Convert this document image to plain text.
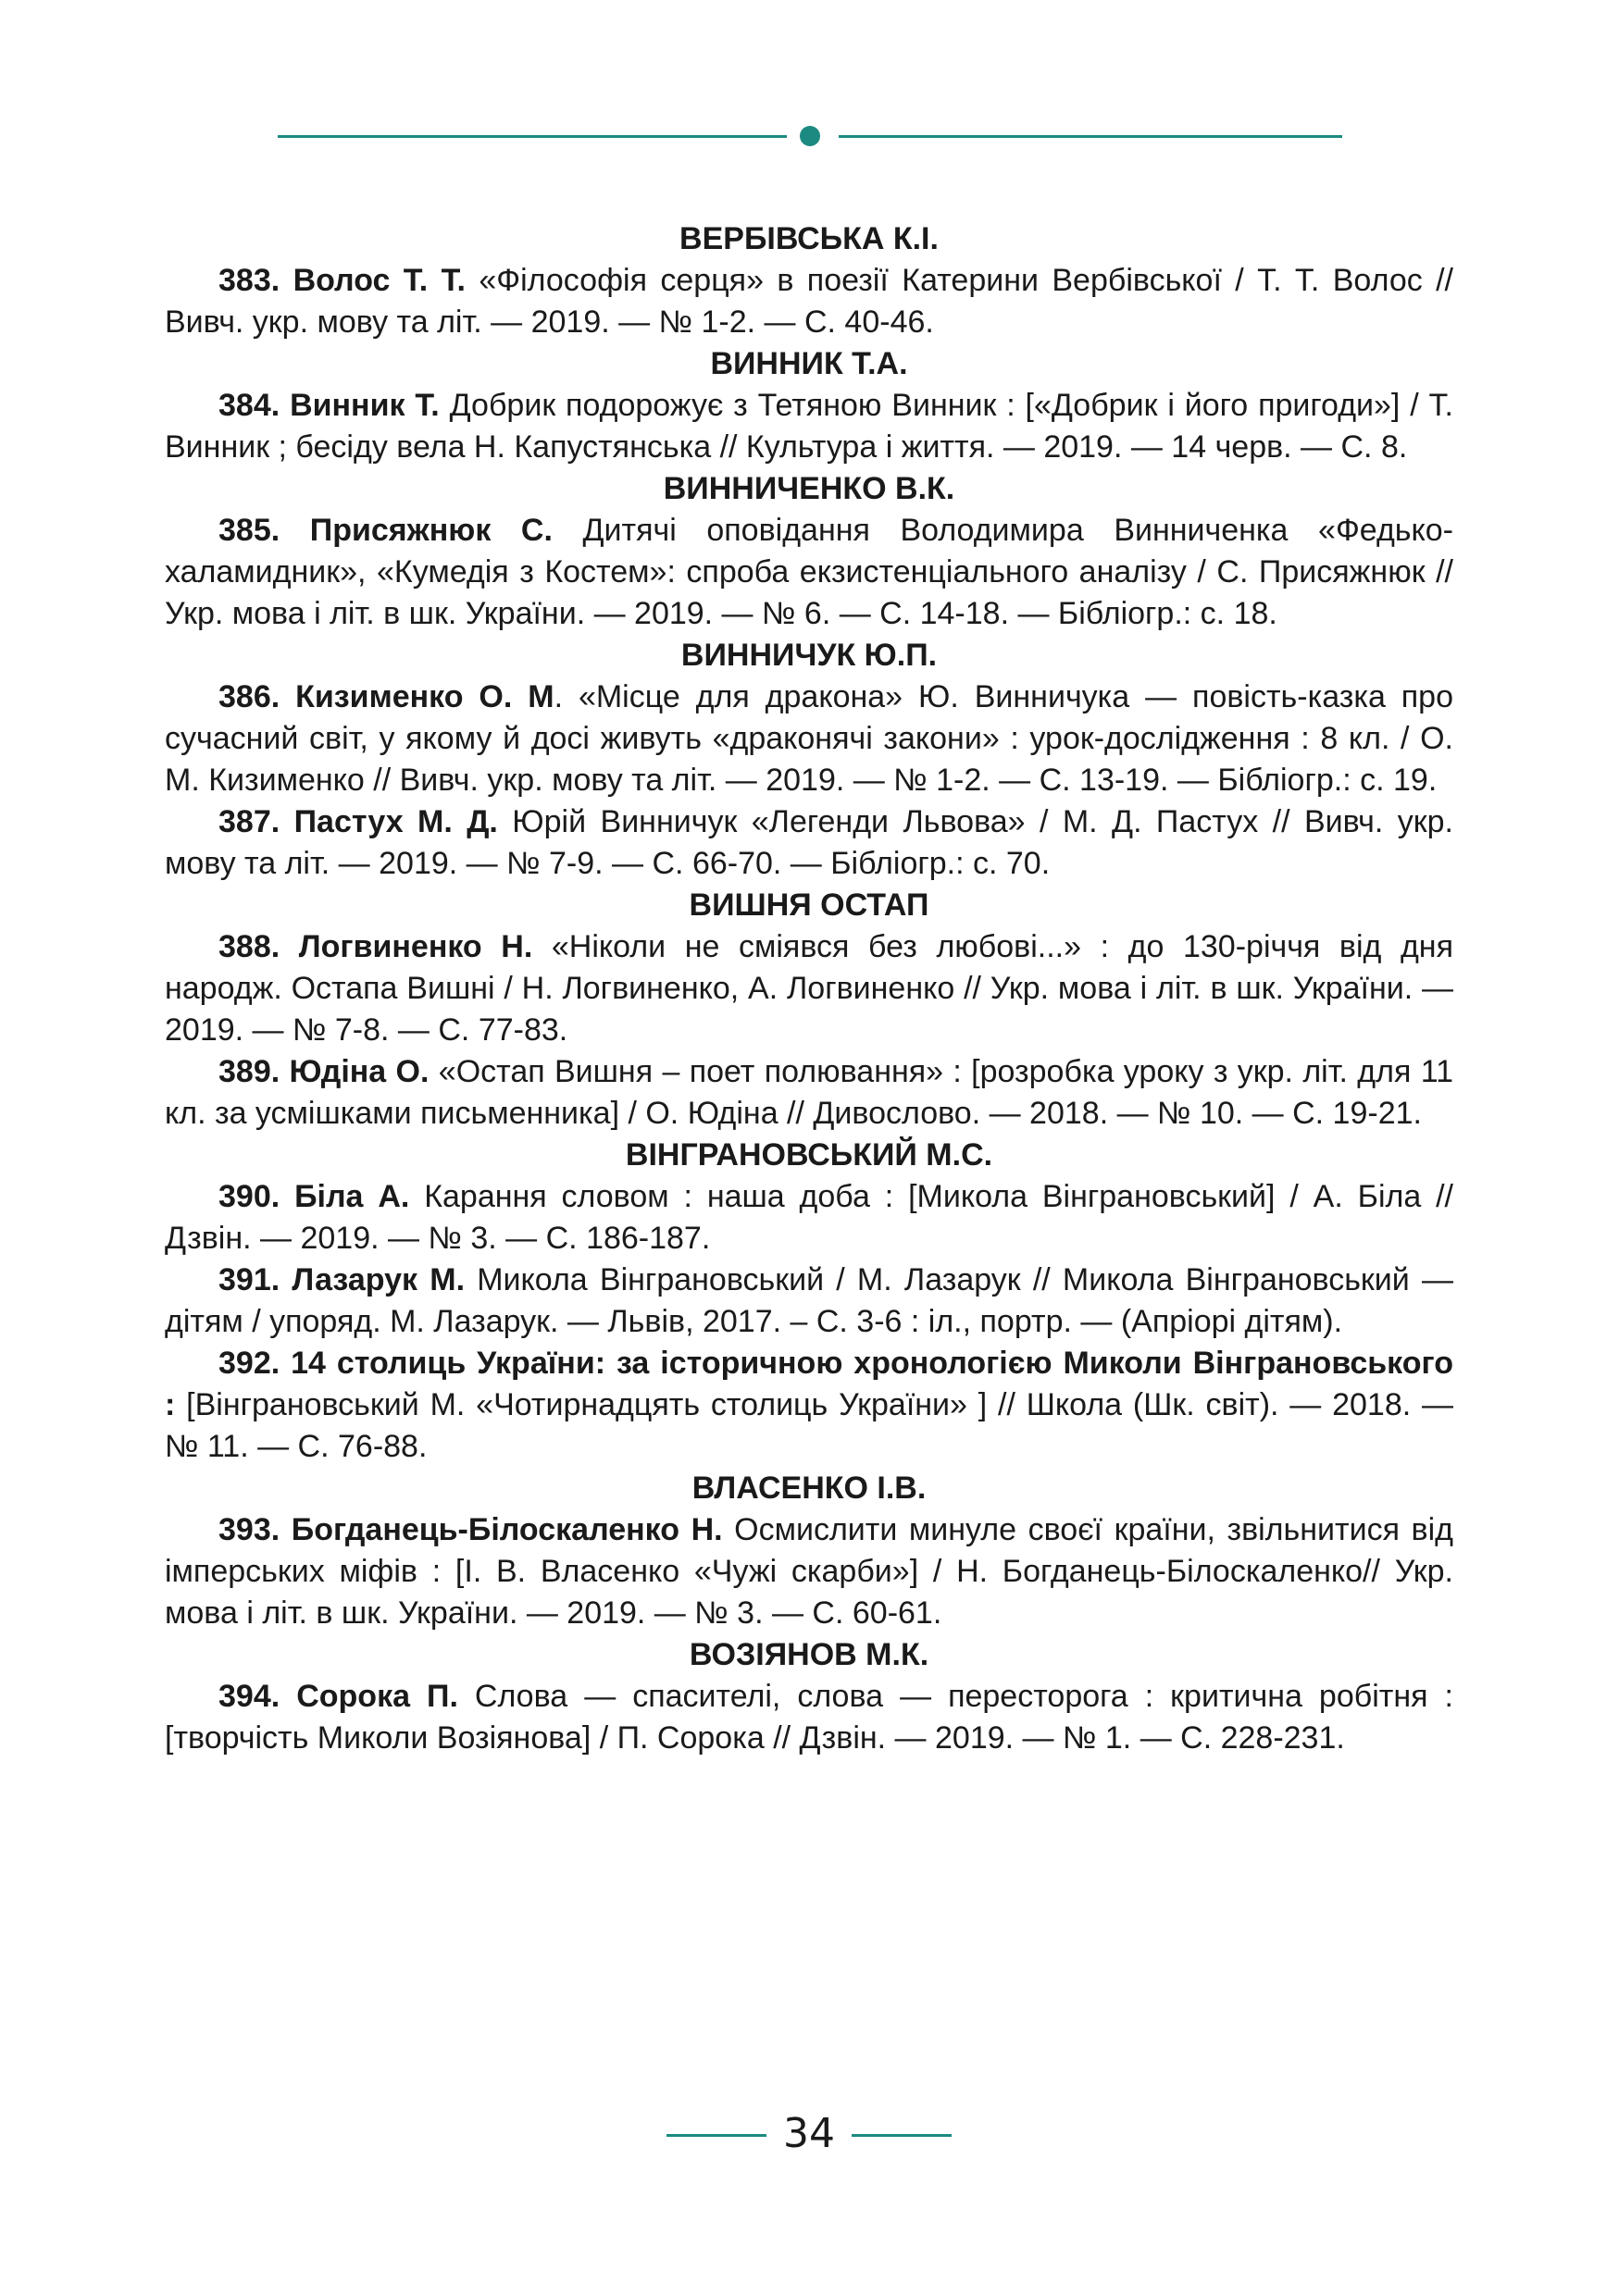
ВЕРБІВСЬКА К.І.

383. Волос Т. Т. «Філософія серця» в поезії Катерини Вербівської / Т. Т. Волос // Вивч. укр. мову та літ. — 2019. — № 1-2. — С. 40-46.

ВИННИК Т.А.

384. Винник Т. Добрик подорожує з Тетяною Винник : [«Добрик і його пригоди»] / Т. Винник ; бесіду вела Н. Капустянська // Культура і життя. — 2019. — 14 черв. — С. 8.

ВИННИЧЕНКО В.К.

385. Присяжнюк С. Дитячі оповідання Володимира Винниченка «Федько-халамидник», «Кумедія з Костем»: спроба екзистенціального аналізу / С. Присяжнюк // Укр. мова і літ. в шк. України. — 2019. — № 6. — С. 14-18. — Бібліогр.: с. 18.

ВИННИЧУК Ю.П.

386. Кизименко О. М. «Місце для дракона» Ю. Винничука — повість-казка про сучасний світ, у якому й досі живуть «драконячі закони» : урок-дослідження : 8 кл. / О. М. Кизименко // Вивч. укр. мову та літ. — 2019. — № 1-2. — С. 13-19. — Бібліогр.: с. 19.

387. Пастух М. Д. Юрій Винничук «Легенди Львова» / М. Д. Пастух // Вивч. укр. мову та літ. — 2019. — № 7-9. — С. 66-70. — Бібліогр.: с. 70.

ВИШНЯ ОСТАП

388. Логвиненко Н. «Ніколи не сміявся без любові...» : до 130-річчя від дня народж. Остапа Вишні / Н. Логвиненко, А. Логвиненко // Укр. мова і літ. в шк. України. — 2019. — № 7-8. — С. 77-83.

389. Юдіна О. «Остап Вишня – поет полювання» : [розробка уроку з укр. літ. для 11 кл. за усмішками письменника] / О. Юдіна // Дивослово. — 2018. — № 10. — С. 19-21.

ВІНГРАНОВСЬКИЙ М.С.

390. Біла А. Карання словом : наша доба : [Микола Вінграновський] / А. Біла // Дзвін. — 2019. — № 3. — С. 186-187.

391. Лазарук М. Микола Вінграновський / М. Лазарук // Микола Вінграновський — дітям / упоряд. М. Лазарук. — Львів, 2017. – С. 3-6 : іл., портр. — (Апріорі дітям).

392. 14 столиць України: за історичною хронологією Миколи Вінграновського : [Вінграновський М. «Чотирнадцять столиць України» ] // Школа (Шк. світ). — 2018. — № 11. — С. 76-88.

ВЛАСЕНКО І.В.

393. Богданець-Білоскаленко Н. Осмислити минуле своєї країни, звільнитися від імперських міфів : [І. В. Власенко «Чужі скарби»] / Н. Богданець-Білоскаленко// Укр. мова і літ. в шк. України. — 2019. — № 3. — С. 60-61.

ВОЗІЯНОВ М.К.

394. Сорока П. Слова — спасителі, слова — пересторога : критична робітня : [творчість Миколи Возіянова] / П. Сорока // Дзвін. — 2019. — № 1. — С. 228-231.

34
